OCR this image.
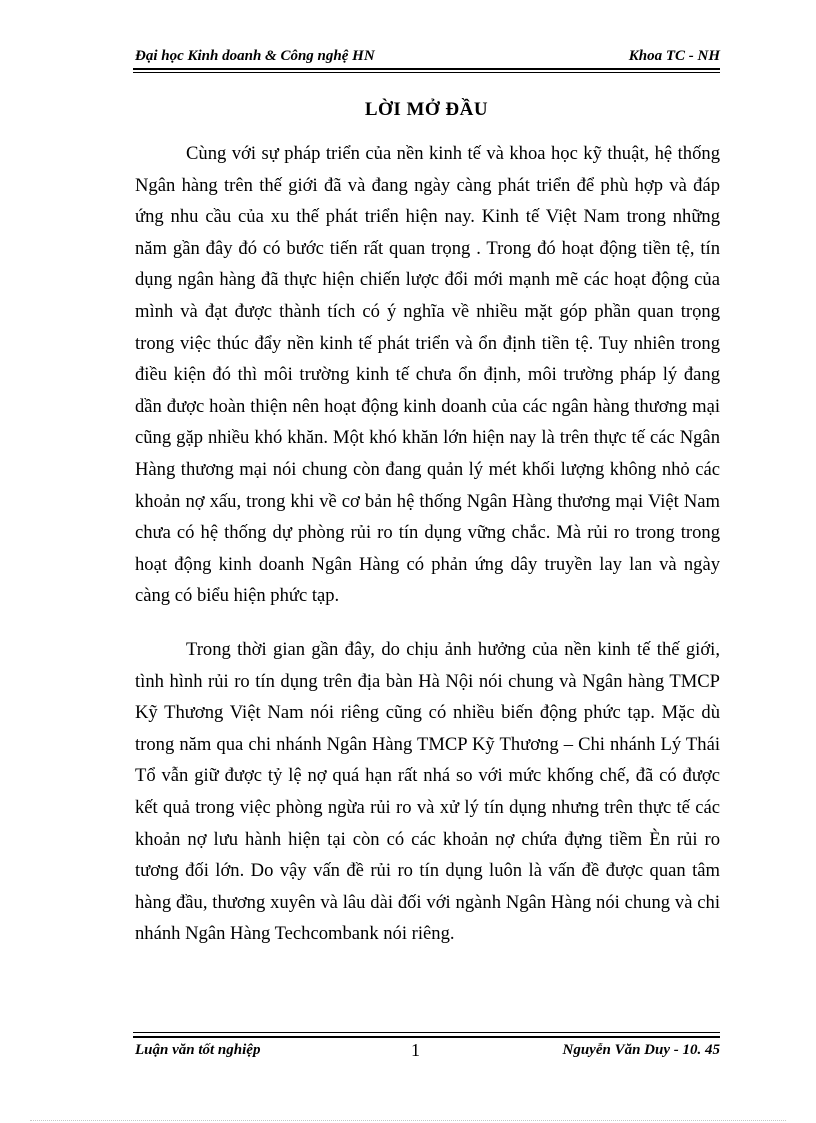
Đại học Kinh doanh & Công nghệ HN	Khoa TC - NH
LỜI MỞ ĐẦU

Cùng với sự pháp triển của nền kinh tế và khoa học kỹ thuật, hệ thống Ngân hàng trên thế giới đã và đang ngày càng phát triển để phù hợp và đáp ứng nhu cầu của xu thế phát triển hiện nay. Kinh tế Việt Nam trong những năm gần đây đó có bước tiến rất quan trọng . Trong đó hoạt động tiền tệ, tín dụng ngân hàng đã thực hiện chiến lược đổi mới mạnh mẽ các hoạt động của mình và đạt được thành tích có ý nghĩa về nhiều mặt góp phần quan trọng trong việc thúc đẩy nền kinh tế phát triển và ổn định tiền tệ. Tuy nhiên trong điều kiện đó thì môi trường kinh tế chưa ổn định, môi trường pháp lý đang dần được hoàn thiện nên hoạt động kinh doanh của các ngân hàng thương mại cũng gặp nhiều khó khăn. Một khó khăn lớn hiện nay là trên thực tế các Ngân Hàng thương mại nói chung còn đang quản lý mét khối lượng không nhỏ các khoản nợ xấu, trong khi về cơ bản hệ thống Ngân Hàng thương mại Việt Nam chưa có hệ thống dự phòng rủi ro tín dụng vững chắc. Mà rủi ro trong trong hoạt động kinh doanh Ngân Hàng có phản ứng dây truyền lay lan và ngày càng có biểu hiện phức tạp.

Trong thời gian gần đây, do chịu ảnh hưởng của nền kinh tế thế giới, tình hình rủi ro tín dụng trên địa bàn Hà Nội nói chung và Ngân hàng TMCP Kỹ Thương Việt Nam nói riêng cũng có nhiều biến động phức tạp. Mặc dù trong năm qua chi nhánh Ngân Hàng TMCP Kỹ Thương – Chi nhánh Lý Thái Tổ vẫn giữ được tỷ lệ nợ quá hạn rất nhá so với mức khống chế, đã có được kết quả trong việc phòng ngừa rủi ro và xử lý tín dụng nhưng trên thực tế các khoản nợ lưu hành hiện tại còn có các khoản nợ chứa đựng tiềm Èn rủi ro tương đối lớn. Do vậy vấn đề rủi ro tín dụng luôn là vấn đề được quan tâm hàng đầu, thương xuyên và lâu dài đối với ngành Ngân Hàng nói chung và chi nhánh Ngân Hàng Techcombank nói riêng.

Luận văn tốt nghiệp	1	Nguyễn Văn Duy - 10. 45
